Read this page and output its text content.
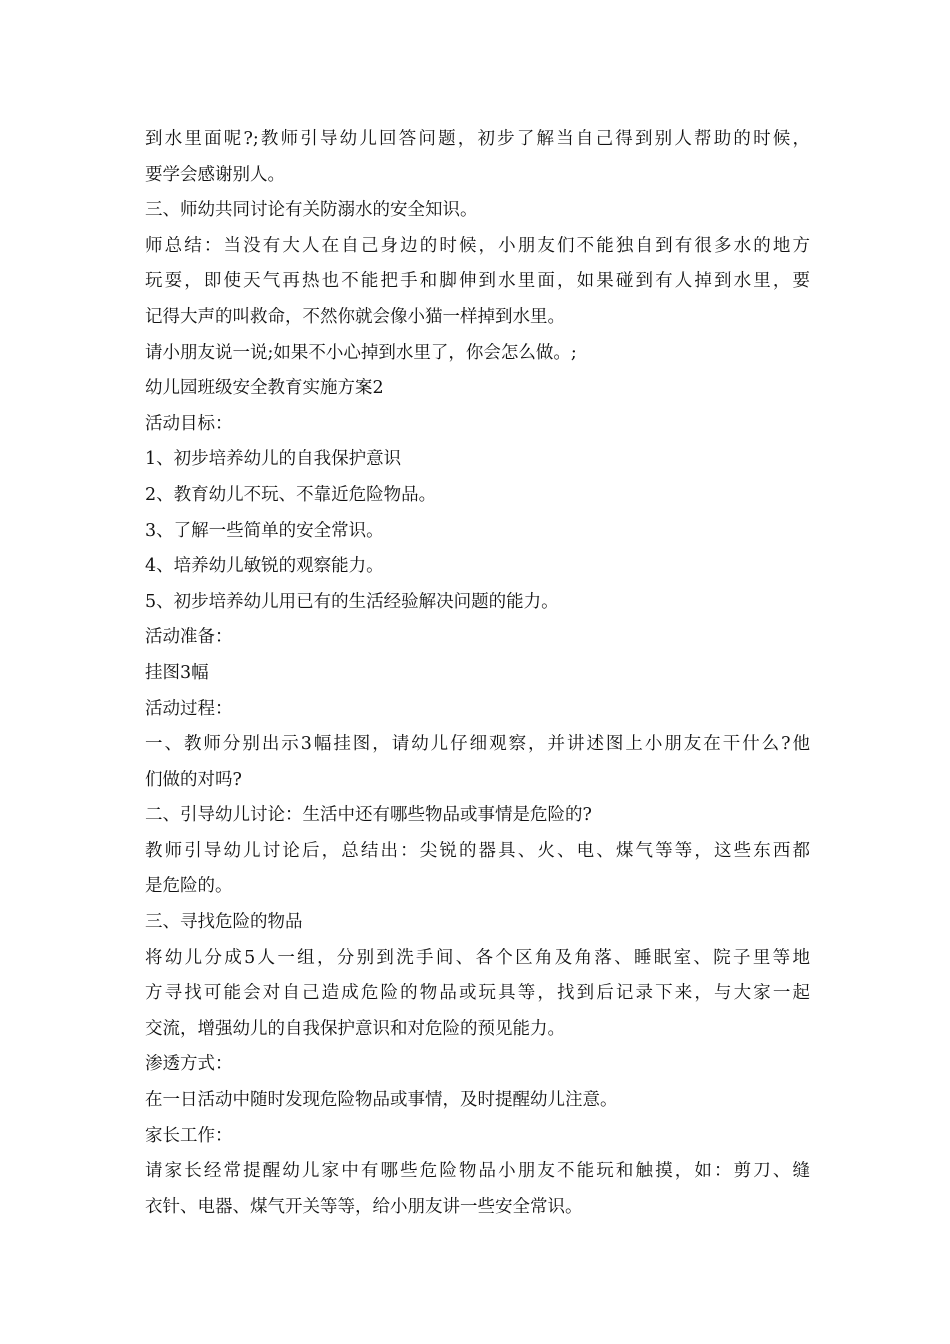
到水里面呢?;教师引导幼儿回答问题，初步了解当自己得到别人帮助的时候，
要学会感谢别人。
三、师幼共同讨论有关防溺水的安全知识。
师总结：当没有大人在自己身边的时候，小朋友们不能独自到有很多水的地方
玩耍，即使天气再热也不能把手和脚伸到水里面，如果碰到有人掉到水里，要
记得大声的叫救命，不然你就会像小猫一样掉到水里。
请小朋友说一说;如果不小心掉到水里了，你会怎么做。;
幼儿园班级安全教育实施方案2
活动目标：
1、初步培养幼儿的自我保护意识
2、教育幼儿不玩、不靠近危险物品。
3、了解一些简单的安全常识。
4、培养幼儿敏锐的观察能力。
5、初步培养幼儿用已有的生活经验解决问题的能力。
活动准备：
挂图3幅
活动过程：
一、教师分别出示3幅挂图，请幼儿仔细观察，并讲述图上小朋友在干什么?他
们做的对吗?
二、引导幼儿讨论：生活中还有哪些物品或事情是危险的?
教师引导幼儿讨论后，总结出：尖锐的器具、火、电、煤气等等，这些东西都
是危险的。
三、寻找危险的物品
将幼儿分成5人一组，分别到洗手间、各个区角及角落、睡眠室、院子里等地
方寻找可能会对自己造成危险的物品或玩具等，找到后记录下来，与大家一起
交流，增强幼儿的自我保护意识和对危险的预见能力。
渗透方式：
在一日活动中随时发现危险物品或事情，及时提醒幼儿注意。
家长工作：
请家长经常提醒幼儿家中有哪些危险物品小朋友不能玩和触摸，如：剪刀、缝
衣针、电器、煤气开关等等，给小朋友讲一些安全常识。
